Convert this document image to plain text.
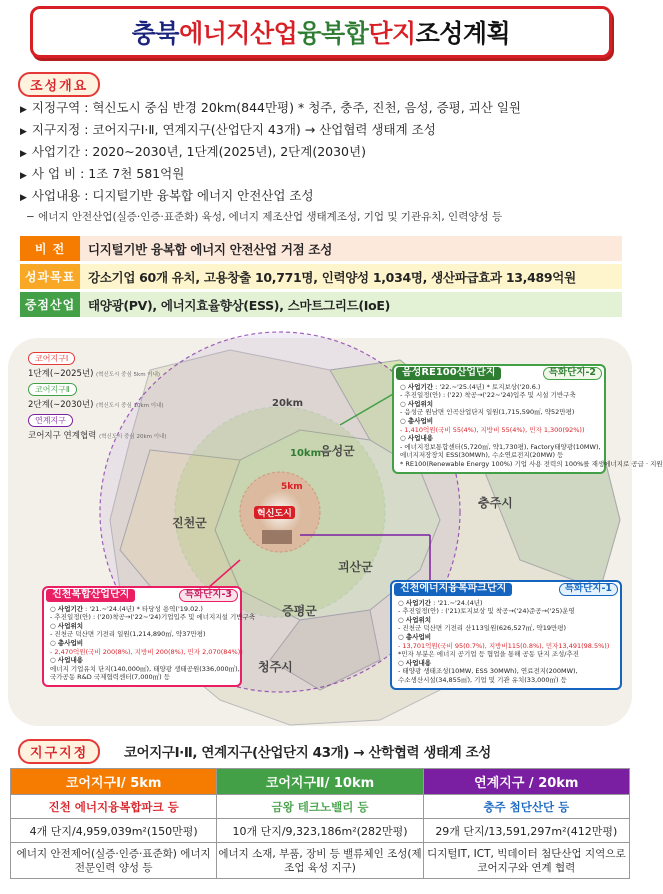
충북 에너지산업 융복합 단지 조성계획
조성개요
▶ 지정구역 : 혁신도시 중심 반경 20km(844만평) * 청주, 충주, 진천, 음성, 증평, 괴산 일원
▶ 지구지정 : 코어지구Ⅰ·Ⅱ, 연계지구(산업단지 43개) → 산업협력 생태계 조성
▶ 사업기간 : 2020∼2030년, 1단계(2025년), 2단계(2030년)
▶ 사 업 비 : 1조 7천 581억원
▶ 사업내용 : 디지털기반 융복합 에너지 안전산업 조성
− 에너지 안전산업(실증·인증·표준화) 육성, 에너지 제조산업 생태계조성, 기업 및 기관유치, 인력양성 등
비 전	디지털기반 융복합 에너지 안전산업 거점 조성
성과목표	강소기업 60개 유치, 고용창출 10,771명, 인력양성 1,034명, 생산파급효과 13,489억원
중점산업	태양광(PV), 에너지효율향상(ESS), 스마트그리드(IoE)
20km
10km
5km
혁신도시
음성군
충주시
진천군
괴산군
증평군
청주시
코어지구Ⅰ
1단계(∼2025년) (혁신도시 중심 5km 이내)
코어지구Ⅱ
2단계(∼2030년) (혁신도시 중심 10km 이내)
연계지구
코어지구 연계협력 (혁신도시 중심 20km 이내)
음성RE100산업단지	특화단지-2
○ 사업기간 : '22.∼'25.(4년) * 토지보상('20.6.)
- 추진일정(안) : ('22) 착공→('22∼'24)입주 및 시설 기반구축
○ 사업위치
- 음성군 원남면 인곡산업단지 일원(1,715,590㎡, 약52만평)
○ 총사업비
- 1,410억원(국비 55(4%), 지방비 55(4%), 민자 1,300(92%))
○ 사업내용
- 에너지정보통합센터(5,720㎡, 약1,730평), Factory태양광(10MW),
에너지저장장치 ESS(30MWh), 수소연료전지(20MW) 등
* RE100(Renewable Energy 100%) 기업 사용 전력의 100%를 재생에너지로 공급 · 지원
진천복합산업단지	특화단지-3
○ 사업기간 : '21.∼'24.(4년) * 타당성 용역('19.02.)
- 추진일정(안) : ('20)착공→('22∼'24)기업입주 및 에너지지설 기반구축
○ 사업위치
- 진천군 덕산면 기전리 일원(1,214,890㎡, 약37만평)
○ 총사업비
- 2,470억원(국비 200(8%), 지방비 200(8%), 민자 2,070(84%))
○ 사업내용
에너지 기업유치 단지(140,000㎡), 태양광 생태공원(336,000㎡),
국가공동 R&D 국제협력센터(7,000㎡) 등
진천에너지융복파크단지	특화단지-1
○ 사업기간 : '21.∼'24.(4년)
- 추진일정(안) : ('21)토지보상 및 착공→('24)준공→('25)운영
○ 사업위치
- 진천군 덕산면 기전리 산113일원(626,527㎡, 약19만평)
○ 총사업비
- 13,701억원(국비 95(0.7%), 지방비115(0.8%), 민자13,491(98.5%))
*민자 부분은 에너지 공기업 등 협업을 통해 공동 단지 조성/추진
○ 사업내용
- 태양광 생태조성(10MW, ESS 30MWh), 연료전지(200MW),
수소생산시설(34,855㎡), 기업 및 기관 유치(33,000㎡) 등
지구지정	코어지구Ⅰ·Ⅱ, 연계지구(산업단지 43개) → 산학협력 생태계 조성
코어지구Ⅰ/ 5km	코어지구Ⅱ/ 10km	연계지구 / 20km
진천 에너지융복합파크 등	금왕 테크노밸리 등	충주 첨단산단 등
4개 단지/4,959,039m²(150만평)	10개 단지/9,323,186m²(282만평)	29개 단지/13,591,297m²(412만평)
에너지 안전제어(실증·인증·표준화) 에너지 전문인력 양성 등	에너지 소재, 부품, 장비 등 밸류체인 조성(제조업 육성 지구)	디지털IT, ICT, 빅데이터 첨단산업 지역으로 코어지구와 연계 협력
